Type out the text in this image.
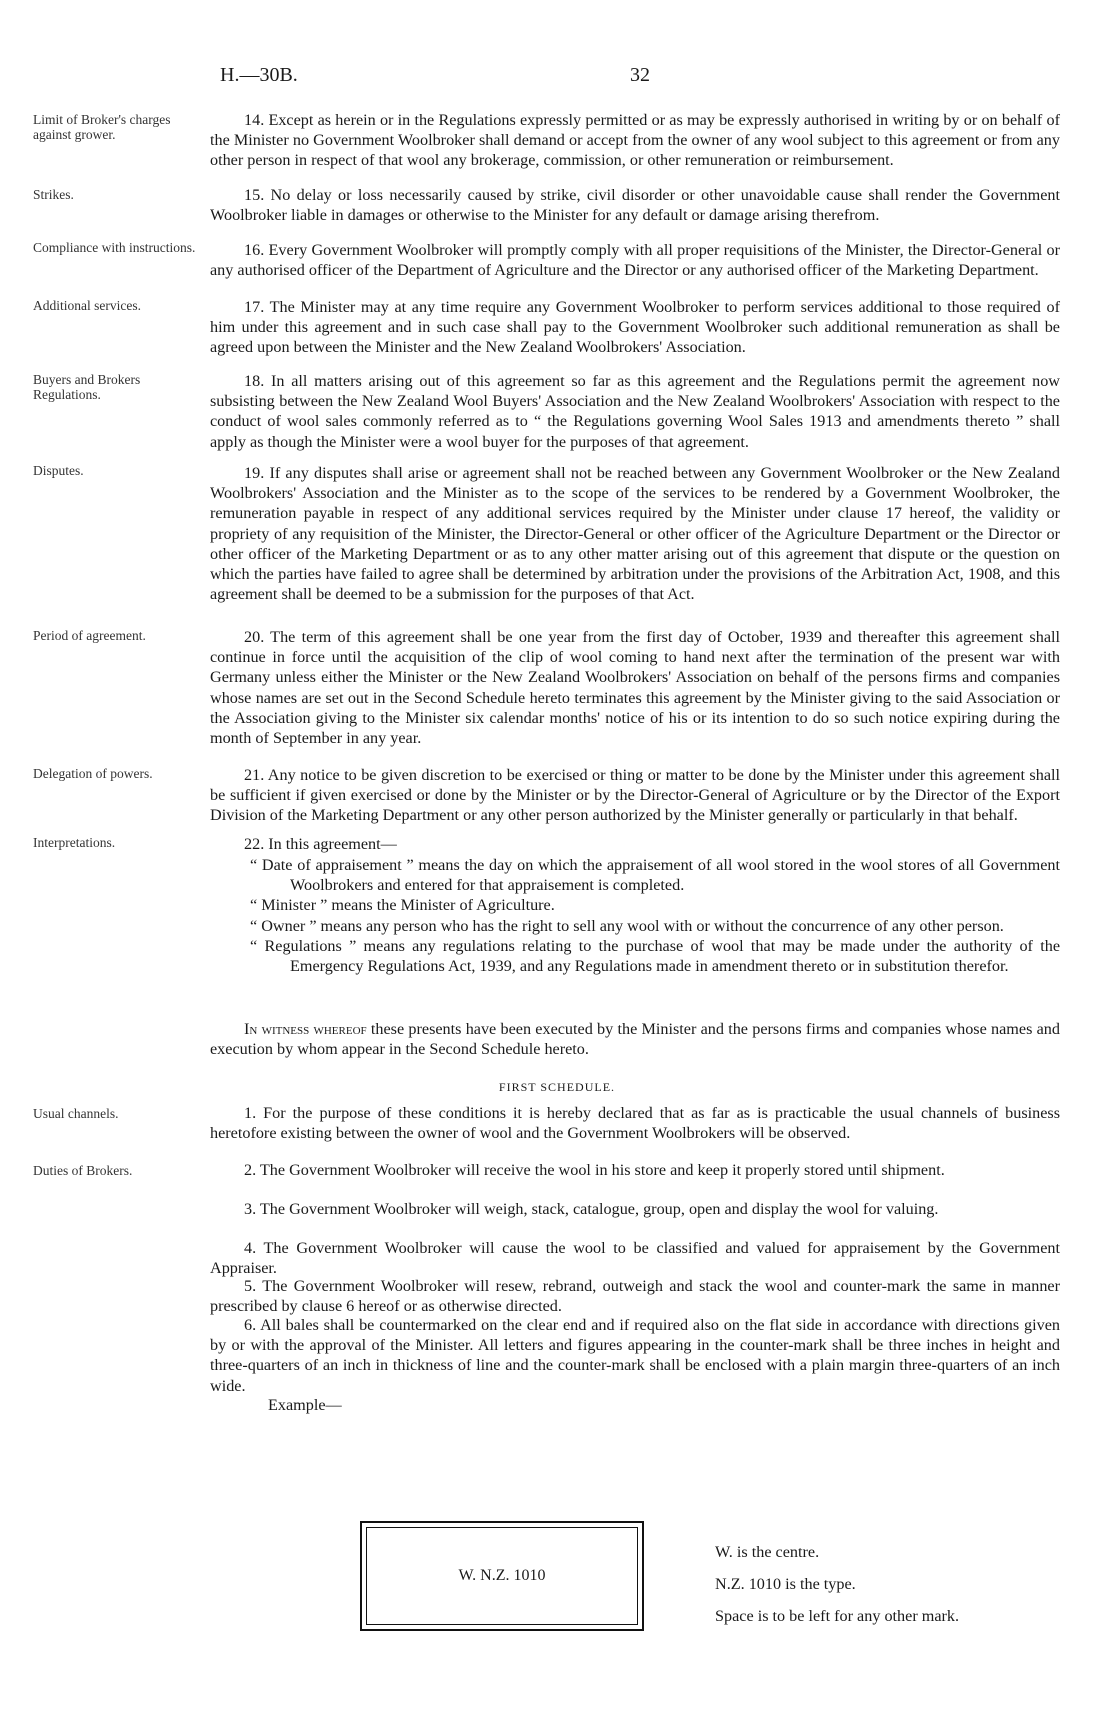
H.—30B.	32
Limit of Broker's charges against grower.
Strikes.
Compliance with instructions.
Additional services.
Buyers and Brokers Regulations.
Disputes.
Period of agreement.
Delegation of powers.
Interpretations.
Usual channels.
Duties of Brokers.

14. Except as herein or in the Regulations expressly permitted or as may be expressly authorised in writing by or on behalf of the Minister no Government Woolbroker shall demand or accept from the owner of any wool subject to this agreement or from any other person in respect of that wool any brokerage, commission, or other remuneration or reimbursement.

15. No delay or loss necessarily caused by strike, civil disorder or other unavoidable cause shall render the Government Woolbroker liable in damages or otherwise to the Minister for any default or damage arising therefrom.

16. Every Government Woolbroker will promptly comply with all proper requisitions of the Minister, the Director-General or any authorised officer of the Department of Agriculture and the Director or any authorised officer of the Marketing Department.

17. The Minister may at any time require any Government Woolbroker to perform services additional to those required of him under this agreement and in such case shall pay to the Government Woolbroker such additional remuneration as shall be agreed upon between the Minister and the New Zealand Woolbrokers' Association.

18. In all matters arising out of this agreement so far as this agreement and the Regulations permit the agreement now subsisting between the New Zealand Wool Buyers' Association and the New Zealand Woolbrokers' Association with respect to the conduct of wool sales commonly referred as to “ the Regulations governing Wool Sales 1913 and amendments thereto ” shall apply as though the Minister were a wool buyer for the purposes of that agreement.

19. If any disputes shall arise or agreement shall not be reached between any Government Woolbroker or the New Zealand Woolbrokers' Association and the Minister as to the scope of the services to be rendered by a Government Woolbroker, the remuneration payable in respect of any additional services required by the Minister under clause 17 hereof, the validity or propriety of any requisition of the Minister, the Director-General or other officer of the Agriculture Department or the Director or other officer of the Marketing Department or as to any other matter arising out of this agreement that dispute or the question on which the parties have failed to agree shall be determined by arbitration under the provisions of the Arbitration Act, 1908, and this agreement shall be deemed to be a submission for the purposes of that Act.

20. The term of this agreement shall be one year from the first day of October, 1939 and thereafter this agreement shall continue in force until the acquisition of the clip of wool coming to hand next after the termination of the present war with Germany unless either the Minister or the New Zealand Woolbrokers' Association on behalf of the persons firms and companies whose names are set out in the Second Schedule hereto terminates this agreement by the Minister giving to the said Association or the Association giving to the Minister six calendar months' notice of his or its intention to do so such notice expiring during the month of September in any year.

21. Any notice to be given discretion to be exercised or thing or matter to be done by the Minister under this agreement shall be sufficient if given exercised or done by the Minister or by the Director-General of Agriculture or by the Director of the Export Division of the Marketing Department or any other person authorized by the Minister generally or particularly in that behalf.

22. In this agreement—

“ Date of appraisement ” means the day on which the appraisement of all wool stored in the wool stores of all Government Woolbrokers and entered for that appraisement is completed.

“ Minister ” means the Minister of Agriculture.

“ Owner ” means any person who has the right to sell any wool with or without the concurrence of any other person.

“ Regulations ” means any regulations relating to the purchase of wool that may be made under the authority of the Emergency Regulations Act, 1939, and any Regulations made in amendment thereto or in substitution therefor.

In witness whereof these presents have been executed by the Minister and the persons firms and companies whose names and execution by whom appear in the Second Schedule hereto.

FIRST SCHEDULE.

1. For the purpose of these conditions it is hereby declared that as far as is practicable the usual channels of business heretofore existing between the owner of wool and the Government Woolbrokers will be observed.

2. The Government Woolbroker will receive the wool in his store and keep it properly stored until shipment.

3. The Government Woolbroker will weigh, stack, catalogue, group, open and display the wool for valuing.

4. The Government Woolbroker will cause the wool to be classified and valued for appraisement by the Government Appraiser.

5. The Government Woolbroker will resew, rebrand, outweigh and stack the wool and counter-mark the same in manner prescribed by clause 6 hereof or as otherwise directed.

6. All bales shall be countermarked on the clear end and if required also on the flat side in accordance with directions given by or with the approval of the Minister. All letters and figures appearing in the counter-mark shall be three inches in height and three-quarters of an inch in thickness of line and the counter-mark shall be enclosed with a plain margin three-quarters of an inch wide.

Example—

W. N.Z. 1010
W. is the centre.
N.Z. 1010 is the type.
Space is to be left for any other mark.
